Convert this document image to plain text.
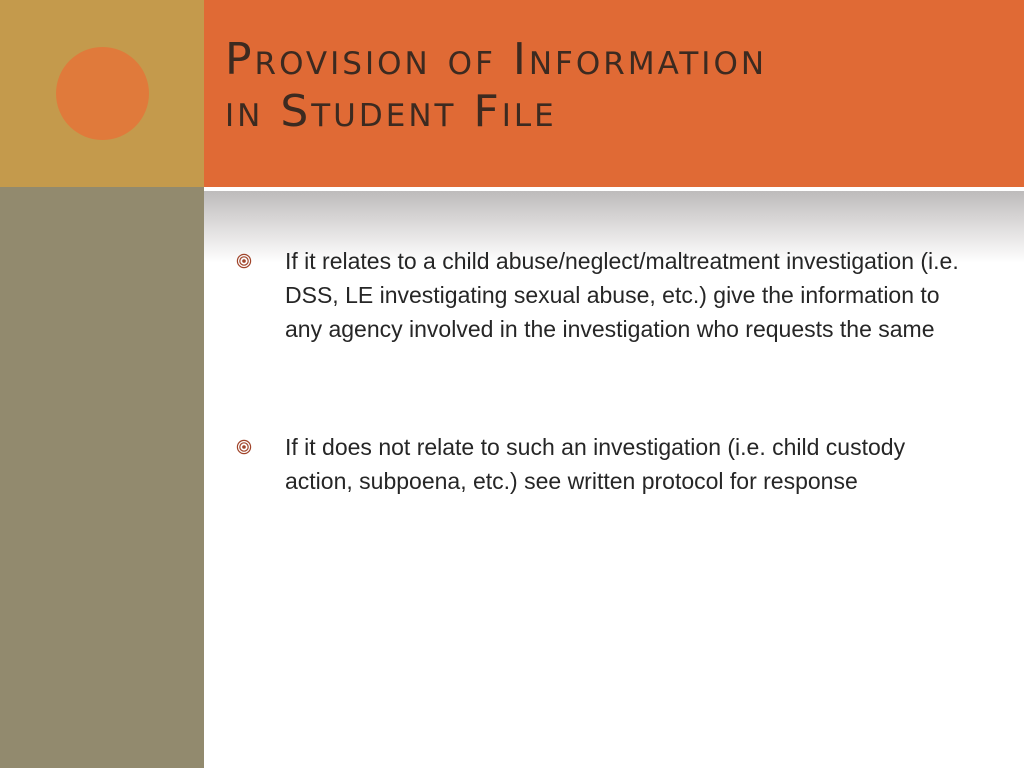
Provision of Information
in Student File
If it relates to a child abuse/neglect/maltreatment investigation (i.e. DSS, LE investigating sexual abuse, etc.) give the information to any agency involved in the investigation who requests the same
If it does not relate to such an investigation (i.e. child custody action, subpoena, etc.) see written protocol for response
